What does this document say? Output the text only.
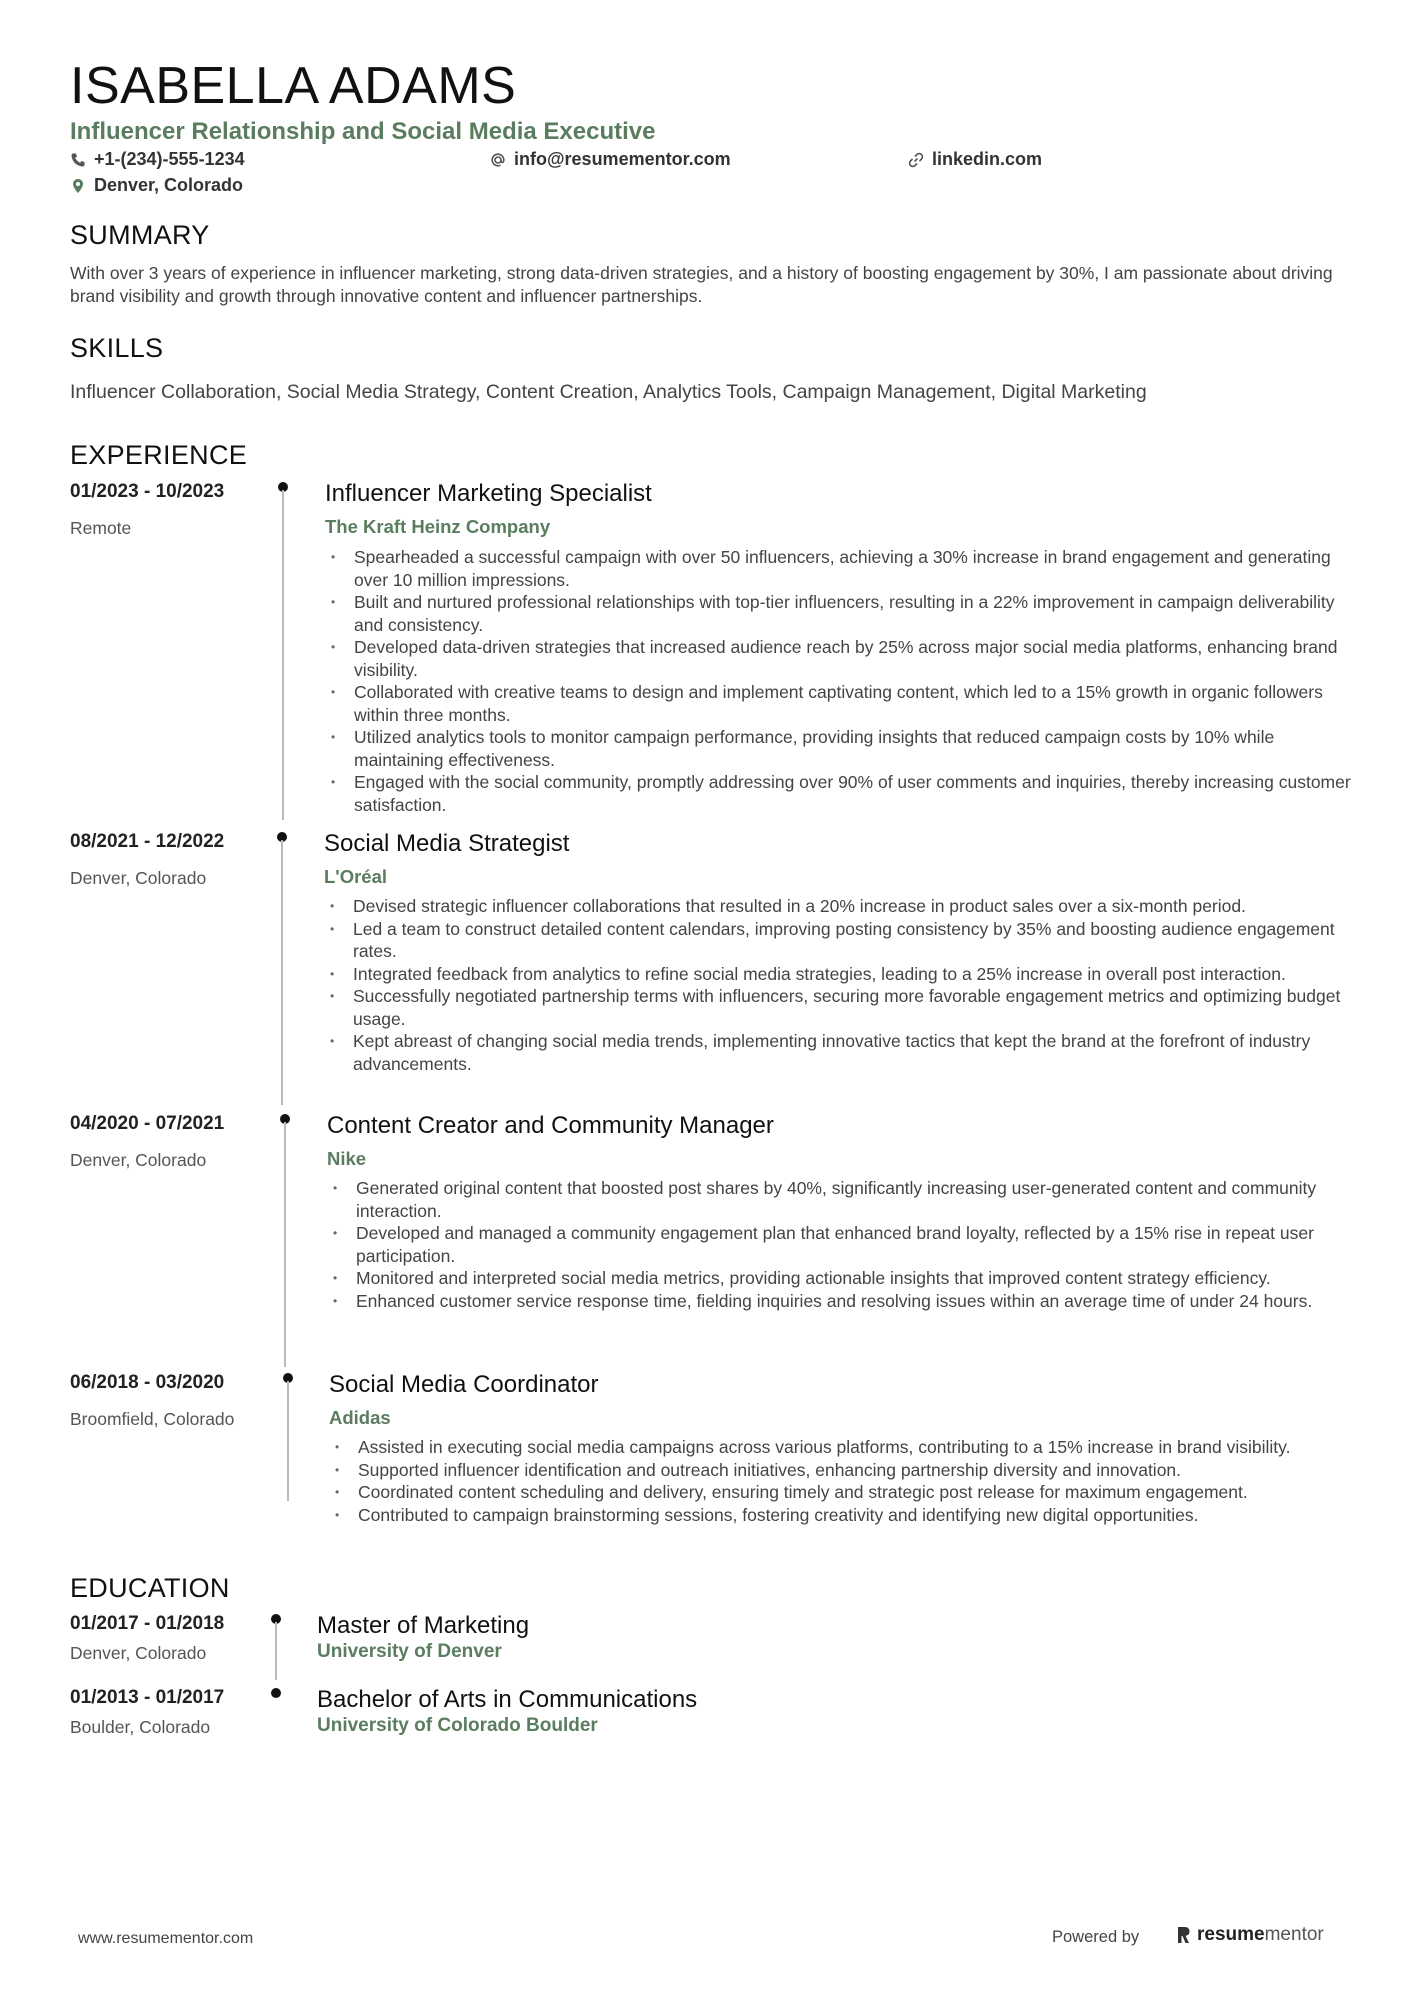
ISABELLA ADAMS
Influencer Relationship and Social Media Executive
+1-(234)-555-1234	info@resumementor.com	linkedin.com
Denver, Colorado
SUMMARY
With over 3 years of experience in influencer marketing, strong data-driven strategies, and a history of boosting engagement by 30%, I am passionate about driving brand visibility and growth through innovative content and influencer partnerships.
SKILLS
Influencer Collaboration, Social Media Strategy, Content Creation, Analytics Tools, Campaign Management, Digital Marketing
EXPERIENCE
01/2023 - 10/2023
Remote
Influencer Marketing Specialist
The Kraft Heinz Company
• Spearheaded a successful campaign with over 50 influencers, achieving a 30% increase in brand engagement and generating over 10 million impressions.
• Built and nurtured professional relationships with top-tier influencers, resulting in a 22% improvement in campaign deliverability and consistency.
• Developed data-driven strategies that increased audience reach by 25% across major social media platforms, enhancing brand visibility.
• Collaborated with creative teams to design and implement captivating content, which led to a 15% growth in organic followers within three months.
• Utilized analytics tools to monitor campaign performance, providing insights that reduced campaign costs by 10% while maintaining effectiveness.
• Engaged with the social community, promptly addressing over 90% of user comments and inquiries, thereby increasing customer satisfaction.
08/2021 - 12/2022
Denver, Colorado
Social Media Strategist
L'Oréal
• Devised strategic influencer collaborations that resulted in a 20% increase in product sales over a six-month period.
• Led a team to construct detailed content calendars, improving posting consistency by 35% and boosting audience engagement rates.
• Integrated feedback from analytics to refine social media strategies, leading to a 25% increase in overall post interaction.
• Successfully negotiated partnership terms with influencers, securing more favorable engagement metrics and optimizing budget usage.
• Kept abreast of changing social media trends, implementing innovative tactics that kept the brand at the forefront of industry advancements.
04/2020 - 07/2021
Denver, Colorado
Content Creator and Community Manager
Nike
• Generated original content that boosted post shares by 40%, significantly increasing user-generated content and community interaction.
• Developed and managed a community engagement plan that enhanced brand loyalty, reflected by a 15% rise in repeat user participation.
• Monitored and interpreted social media metrics, providing actionable insights that improved content strategy efficiency.
• Enhanced customer service response time, fielding inquiries and resolving issues within an average time of under 24 hours.
06/2018 - 03/2020
Broomfield, Colorado
Social Media Coordinator
Adidas
• Assisted in executing social media campaigns across various platforms, contributing to a 15% increase in brand visibility.
• Supported influencer identification and outreach initiatives, enhancing partnership diversity and innovation.
• Coordinated content scheduling and delivery, ensuring timely and strategic post release for maximum engagement.
• Contributed to campaign brainstorming sessions, fostering creativity and identifying new digital opportunities.
EDUCATION
01/2017 - 01/2018
Denver, Colorado
Master of Marketing
University of Denver
01/2013 - 01/2017
Boulder, Colorado
Bachelor of Arts in Communications
University of Colorado Boulder
www.resumementor.com	Powered by	resume mentor
